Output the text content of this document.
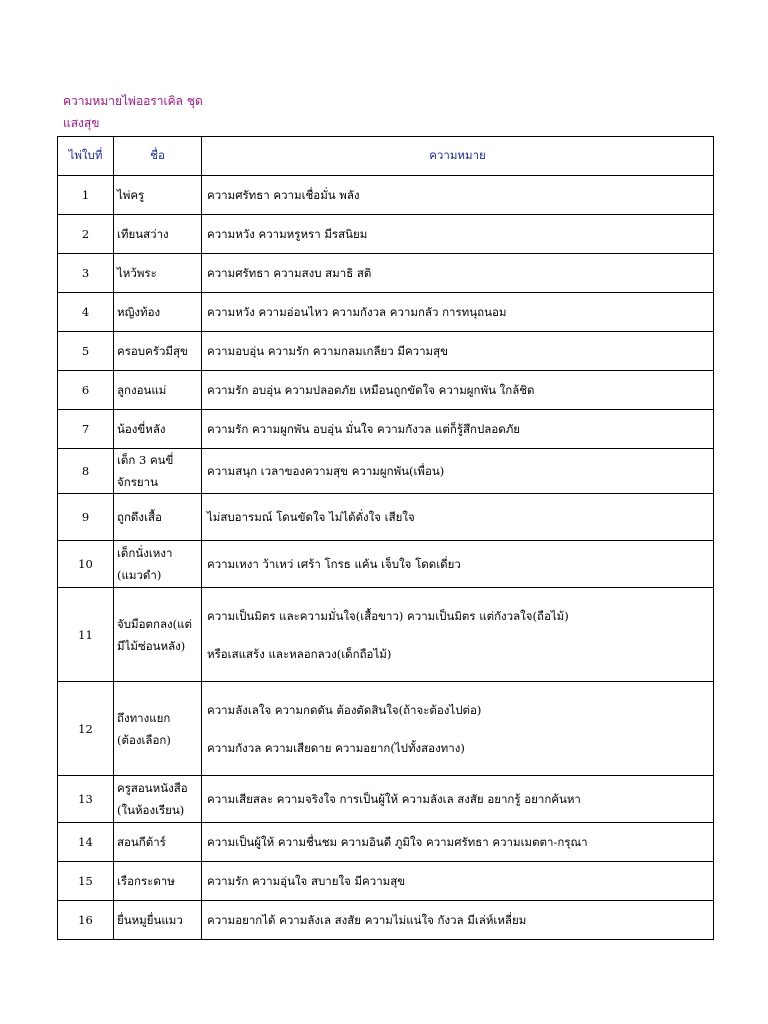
ความหมายไพ่ออราเคิล ชุด
แสงสุข
ไพ่ใบที่	ชื่อ	ความหมาย
1	ไพ่ครู	ความศรัทธา ความเชื่อมั่น พลัง

2	เทียนสว่าง	ความหวัง ความหรูหรา มีรสนิยม

3	ไหว้พระ	ความศรัทธา ความสงบ สมาธิ สติ

4	หญิงท้อง	ความหวัง ความอ่อนไหว ความกังวล ความกลัว การทนุถนอม

5	ครอบครัวมีสุข	ความอบอุ่น ความรัก ความกลมเกลียว มีความสุข

6	ลูกงอนแม่	ความรัก อบอุ่น ความปลอดภัย เหมือนถูกขัดใจ ความผูกพัน ใกล้ชิด

7	น้องขี่หลัง	ความรัก ความผูกพัน อบอุ่น มั่นใจ ความกังวล แต่ก็รู้สึกปลอดภัย

8	เด็ก 3 คนขี่
จักรยาน	ความสนุก เวลาของความสุข ความผูกพัน(เพื่อน)

9	ถูกดึงเสื้อ	ไม่สบอารมณ์ โดนขัดใจ ไม่ได้ดั่งใจ เสียใจ

10	เด็กนั่งเหงา
(แมวดำ)	ความเหงา ว้าเหว่ เศร้า โกรธ แค้น เจ็บใจ โดดเดี่ยว

11	จับมือตกลง(แต่
มีไม้ซ่อนหลัง)	ความเป็นมิตร และความมั่นใจ(เสื้อขาว) ความเป็นมิตร แต่กังวลใจ(ถือไม้)
หรือเสแสร้ง และหลอกลวง(เด็กถือไม้)

12	ถึงทางแยก
(ต้องเลือก)	ความลังเลใจ ความกดดัน ต้องตัดสินใจ(ถ้าจะต้องไปต่อ)
ความกังวล ความเสียดาย ความอยาก(ไปทั้งสองทาง)

13	ครูสอนหนังสือ
(ในห้องเรียน)	ความเสียสละ ความจริงใจ การเป็นผู้ให้ ความลังเล สงสัย อยากรู้ อยากค้นหา

14	สอนกีต้าร์	ความเป็นผู้ให้ ความชื่นชม ความอินดี ภูมิใจ ความศรัทธา ความเมตตา-กรุณา

15	เรือกระดาษ	ความรัก ความอุ่นใจ สบายใจ มีความสุข

16	ยื่นหมูยื่นแมว	ความอยากได้ ความลังเล สงสัย ความไม่แน่ใจ กังวล มีเล่ห์เหลี่ยม
